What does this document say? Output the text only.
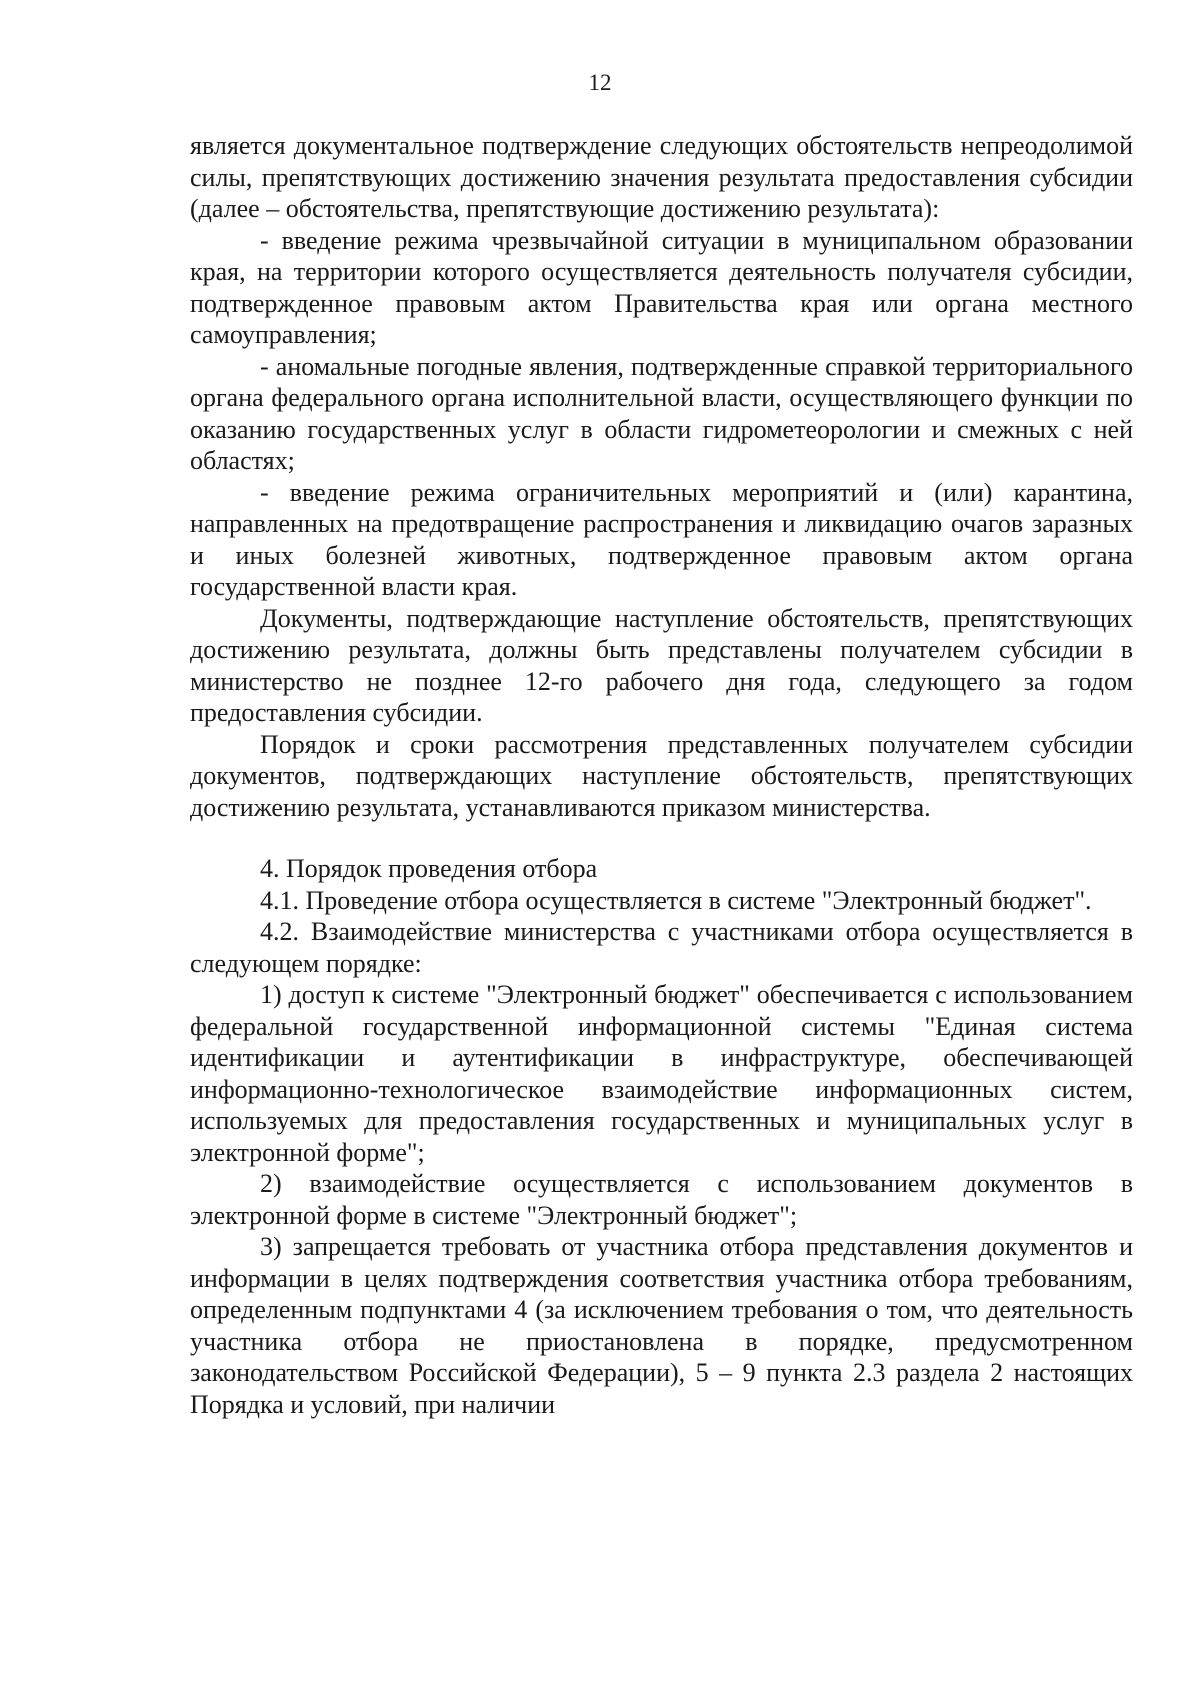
12

является документальное подтверждение следующих обстоятельств непреодолимой силы, препятствующих достижению значения результата предоставления субсидии (далее – обстоятельства, препятствующие достижению результата):

- введение режима чрезвычайной ситуации в муниципальном образовании края, на территории которого осуществляется деятельность получателя субсидии, подтвержденное правовым актом Правительства края или органа местного самоуправления;

- аномальные погодные явления, подтвержденные справкой территориального органа федерального органа исполнительной власти, осуществляющего функции по оказанию государственных услуг в области гидрометеорологии и смежных с ней областях;

- введение режима ограничительных мероприятий и (или) карантина, направленных на предотвращение распространения и ликвидацию очагов заразных и иных болезней животных, подтвержденное правовым актом органа государственной власти края.

Документы, подтверждающие наступление обстоятельств, препятствующих достижению результата, должны быть представлены получателем субсидии в министерство не позднее 12-го рабочего дня года, следующего за годом предоставления субсидии.

Порядок и сроки рассмотрения представленных получателем субсидии документов, подтверждающих наступление обстоятельств, препятствующих достижению результата, устанавливаются приказом министерства.

4. Порядок проведения отбора

4.1. Проведение отбора осуществляется в системе "Электронный бюджет".

4.2. Взаимодействие министерства с участниками отбора осуществляется в следующем порядке:

1) доступ к системе "Электронный бюджет" обеспечивается с использованием федеральной государственной информационной системы "Единая система идентификации и аутентификации в инфраструктуре, обеспечивающей информационно-технологическое взаимодействие информационных систем, используемых для предоставления государственных и муниципальных услуг в электронной форме";

2) взаимодействие осуществляется с использованием документов в электронной форме в системе "Электронный бюджет";

3) запрещается требовать от участника отбора представления документов и информации в целях подтверждения соответствия участника отбора требованиям, определенным подпунктами 4 (за исключением требования о том, что деятельность участника отбора не приостановлена в порядке, предусмотренном законодательством Российской Федерации), 5 – 9 пункта 2.3 раздела 2 настоящих Порядка и условий, при наличии
